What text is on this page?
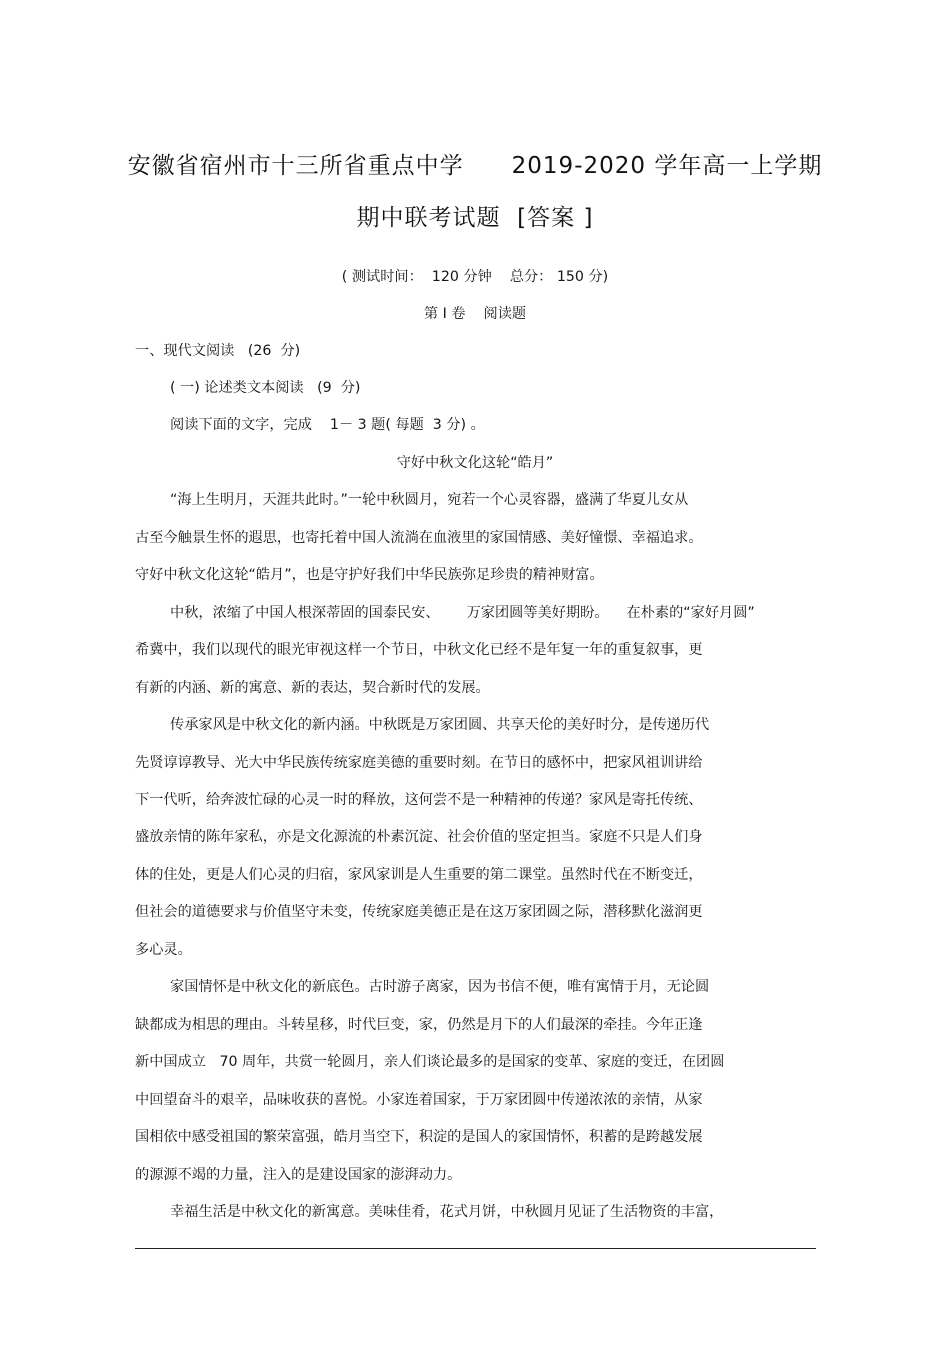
安徽省宿州市十三所省重点中学　　2019-2020 学年高一上学期
期中联考试题  [答案 ]
( 测试时间：  120 分钟    总分： 150 分)
第 Ⅰ 卷    阅读题
一、现代文阅读   (26  分)
( 一) 论述类文本阅读   (9  分)
阅读下面的文字，完成    1－ 3 题( 每题  3 分) 。
守好中秋文化这轮“皓月”
“海上生明月，天涯共此时。”一轮中秋圆月，宛若一个心灵容器，盛满了华夏儿女从
古至今触景生怀的遐思，也寄托着中国人流淌在血液里的家国情感、美好憧憬、幸福追求。
守好中秋文化这轮“皓月”，也是守护好我们中华民族弥足珍贵的精神财富。
中秋，浓缩了中国人根深蒂固的国泰民安、      万家团圆等美好期盼。    在朴素的“家好月圆”
希冀中，我们以现代的眼光审视这样一个节日，中秋文化已经不是年复一年的重复叙事，更
有新的内涵、新的寓意、新的表达，契合新时代的发展。
传承家风是中秋文化的新内涵。中秋既是万家团圆、共享天伦的美好时分，是传递历代
先贤谆谆教导、光大中华民族传统家庭美德的重要时刻。在节日的感怀中，把家风祖训讲给
下一代听，给奔波忙碌的心灵一时的释放，这何尝不是一种精神的传递？家风是寄托传统、
盛放亲情的陈年家私，亦是文化源流的朴素沉淀、社会价值的坚定担当。家庭不只是人们身
体的住处，更是人们心灵的归宿，家风家训是人生重要的第二课堂。虽然时代在不断变迁，
但社会的道德要求与价值坚守未变，传统家庭美德正是在这万家团圆之际，潜移默化滋润更
多心灵。
家国情怀是中秋文化的新底色。古时游子离家，因为书信不便，唯有寓情于月，无论圆
缺都成为相思的理由。斗转星移，时代巨变，家，仍然是月下的人们最深的牵挂。今年正逢
新中国成立   70 周年，共赏一轮圆月，亲人们谈论最多的是国家的变革、家庭的变迁，在团圆
中回望奋斗的艰辛，品味收获的喜悦。小家连着国家，于万家团圆中传递浓浓的亲情，从家
国相依中感受祖国的繁荣富强，皓月当空下，积淀的是国人的家国情怀，积蓄的是跨越发展
的源源不竭的力量，注入的是建设国家的澎湃动力。
幸福生活是中秋文化的新寓意。美味佳肴，花式月饼，中秋圆月见证了生活物资的丰富，
